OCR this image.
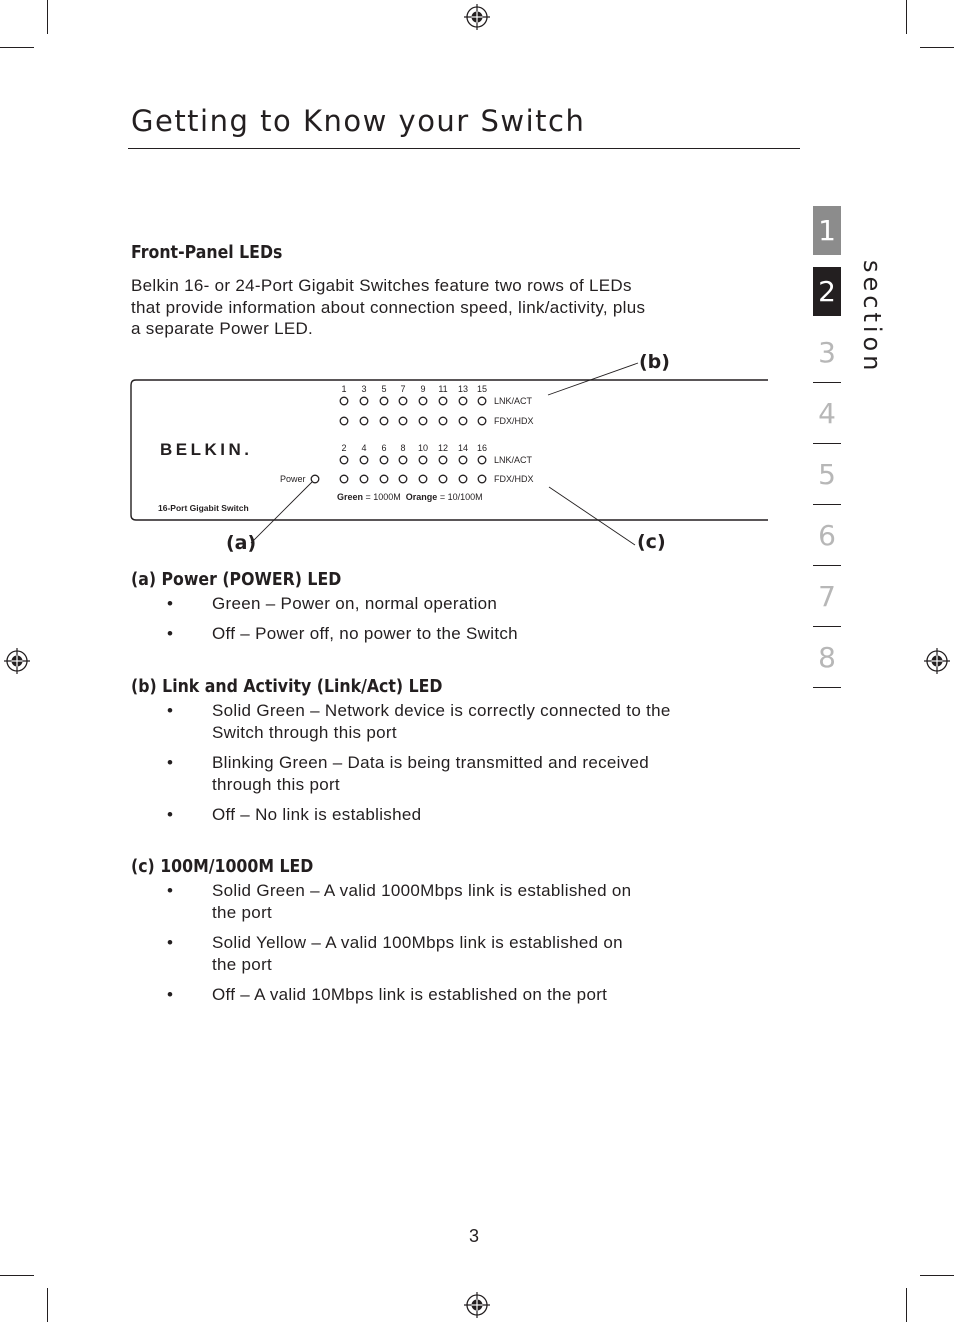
Getting to Know your Switch
1
2
3
4
5
6
7
8
section
Front-Panel LEDs
Belkin 16- or 24-Port Gigabit Switches feature two rows of LEDs
that provide information about connection speed, link/activity, plus
a separate Power LED.
BELKIN.
16-Port Gigabit Switch
Power
1 3 5 7 9 11 13 15
2 4 6 8 10 12 14 16
LNK/ACT
FDX/HDX
LNK/ACT
FDX/HDX
Green = 1000M Orange = 10/100M
(b)
(a)	(c)
(a) Power (POWER) LED
• Green – Power on, normal operation
• Off – Power off, no power to the Switch
(b) Link and Activity (Link/Act) LED
• Solid Green – Network device is correctly connected to the
Switch through this port
• Blinking Green – Data is being transmitted and received
through this port
• Off – No link is established
(c) 100M/1000M LED
• Solid Green – A valid 1000Mbps link is established on
the port
• Solid Yellow – A valid 100Mbps link is established on
the port
• Off – A valid 10Mbps link is established on the port
3
